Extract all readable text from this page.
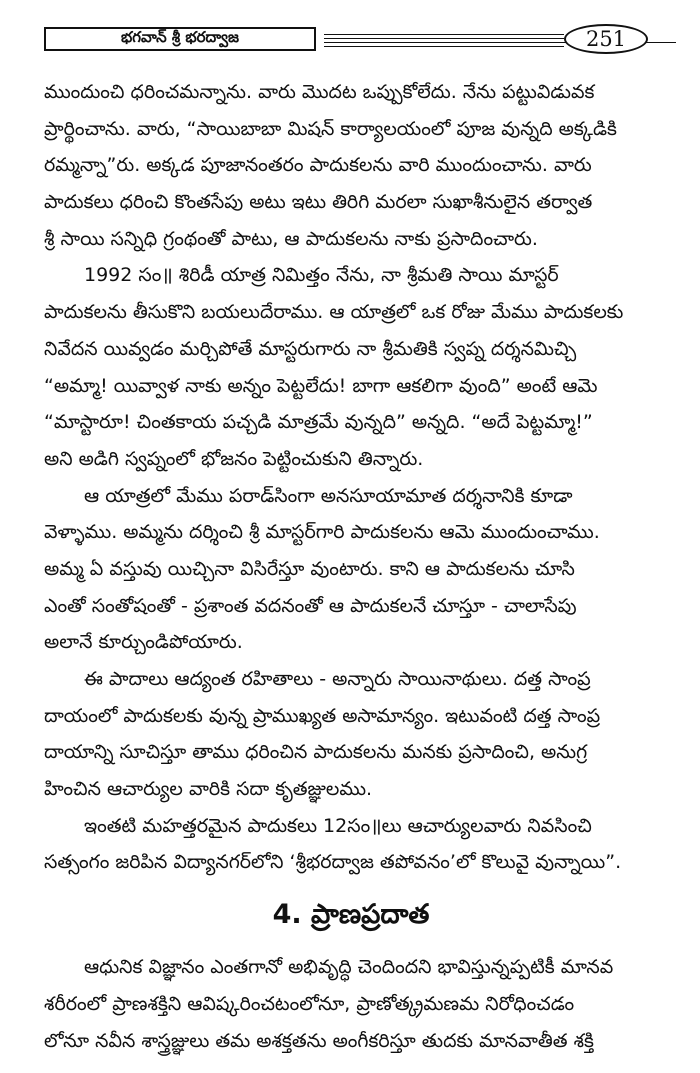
భగవాన్ శ్రీ భరద్వాజ	251
ముందుంచి ధరించమన్నాను. వారు మొదట ఒప్పుకోలేదు. నేను పట్టువిడువక
ప్రార్థించాను. వారు, “సాయిబాబా మిషన్ కార్యాలయంలో పూజ వున్నది అక్కడికి
రమ్మన్నా”రు. అక్కడ పూజానంతరం పాదుకలను వారి ముందుంచాను. వారు
పాదుకలు ధరించి కొంతసేపు అటు ఇటు తిరిగి మరలా సుఖాశీనులైన తర్వాత
శ్రీ సాయి సన్నిధి గ్రంథంతో పాటు, ఆ పాదుకలను నాకు ప్రసాదించారు.
1992 సం॥ శిరిడీ యాత్ర నిమిత్తం నేను, నా శ్రీమతి సాయి మాస్టర్
పాదుకలను తీసుకొని బయలుదేరాము. ఆ యాత్రలో ఒక రోజు మేము పాదుకలకు
నివేదన యివ్వడం మర్చిపోతే మాస్టరుగారు నా శ్రీమతికి స్వప్న దర్శనమిచ్చి
“అమ్మా! యివ్వాళ నాకు అన్నం పెట్టలేదు! బాగా ఆకలిగా వుంది” అంటే ఆమె
“మాస్టారూ! చింతకాయ పచ్చడి మాత్రమే వున్నది” అన్నది. “అదే పెట్టమ్మా!”
అని అడిగి స్వప్నంలో భోజనం పెట్టించుకుని తిన్నారు.
ఆ యాత్రలో మేము పరాడ్‌సింగా అనసూయామాత దర్శనానికి కూడా
వెళ్ళాము. అమ్మను దర్శించి శ్రీ మాస్టర్‌గారి పాదుకలను ఆమె ముందుంచాము.
అమ్మ ఏ వస్తువు యిచ్చినా విసిరేస్తూ వుంటారు. కాని ఆ పాదుకలను చూసి
ఎంతో సంతోషంతో - ప్రశాంత వదనంతో ఆ పాదుకలనే చూస్తూ - చాలాసేపు
అలానే కూర్చుండిపోయారు.
ఈ పాదాలు ఆద్యంత రహితాలు - అన్నారు సాయినాథులు. దత్త సాంప్ర
దాయంలో పాదుకలకు వున్న ప్రాముఖ్యత అసామాన్యం. ఇటువంటి దత్త సాంప్ర
దాయాన్ని సూచిస్తూ తాము ధరించిన పాదుకలను మనకు ప్రసాదించి, అనుగ్ర
హించిన ఆచార్యుల వారికి సదా కృతజ్ఞులము.
ఇంతటి మహత్తరమైన పాదుకలు 12సం॥లు ఆచార్యులవారు నివసించి
సత్సంగం జరిపిన విద్యానగర్‌లోని ‘శ్రీభరద్వాజ తపోవనం’లో కొలువై వున్నాయి”.
4. ప్రాణప్రదాత
ఆధునిక విజ్ఞానం ఎంతగానో అభివృద్ధి చెందిందని భావిస్తున్నప్పటికీ మానవ
శరీరంలో ప్రాణశక్తిని ఆవిష్కరించటంలోనూ, ప్రాణోత్క్రమణమ నిరోధించడం
లోనూ నవీన శాస్త్రజ్ఞులు తమ అశక్తతను అంగీకరిస్తూ తుదకు మానవాతీత శక్తి
